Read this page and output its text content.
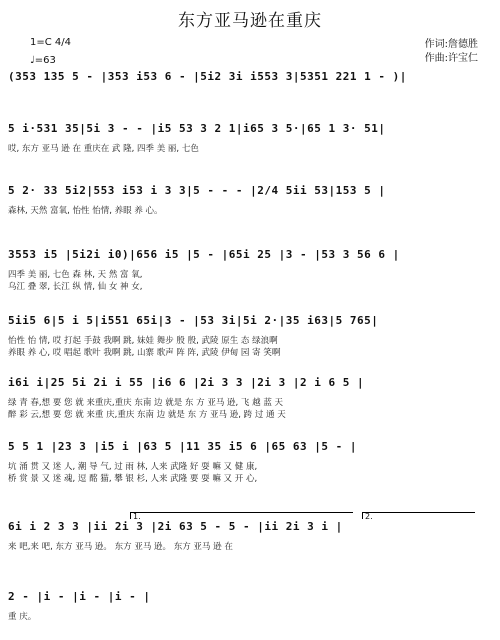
东方亚马逊在重庆
1=C 4/4
♩=63
作词:詹德胜
作曲:许宝仁
(353 135 5 - |353 i53 6 - |5i2 3i i553 3|5351 221 1 - )|
5 i·531 35|5i 3 - - |i5 53 3 2 1|i65 3 5·|65 1 3· 51|
哎, 东方 亚马 逊 在 重庆在 武 隆, 四季 美 丽, 七色
5 2· 33 5i2|553 i53 i 3 3|5 - - - |2/4 5ii 53|153 5 |
森林, 天然 富氧, 怡性 怡情, 养眼 养 心。
3553 i5 |5i2i i0)|656 i5 |5 - |65i 25 |3 - |53 3 56 6 |
四季 美 丽, 七色 森 林, 天 然 富 氧,
乌江 叠 翠, 长江 纵 情, 仙 女 神 女,
5ii5 6|5 i 5|i551 65i|3 - |53 3i|5i 2·|35 i63|5 765|
怡性 怡 情, 哎 打起 手鼓 我啊 跳, 妹娃 舞步 殷 殷, 武陵 原生 态 绿浪啊
养眼 养 心, 哎 唱起 歌叶 我啊 跳, 山寨 歌声 阵 阵, 武陵 伊甸 园 寄 笑啊
i6i i|25 5i 2i i 55 |i6 6 |2i 3 3 |2i 3 |2 i 6 5 |
绿 青 春,想 要 您 就 来重庆,重庆 东南 边 就是 东 方 亚马 逊, 飞 越 蓝 天
醉 彩 云,想 要 您 就 来重 庆,重庆 东南 边 就是 东 方 亚马 逊, 跨 过 通 天
5 5 1 |23 3 |i5 i |63 5 |11 35 i5 6 |65 63 |5 - |
坑 涌 贯 又 迷 人, 潮 导 气, 过 雨 林, 人来 武隆 好 耍 嘛 又 健 康,
桥 赏 景 又 迷 魂, 逗 酩 猫, 攀 银 杉, 人来 武隆 要 耍 嘛 又 开 心,
6i i 2 3 3 |ii 2i 3 |2i 63 5 - 5 - |ii 2i 3 i |
来 吧,来 吧, 东方 亚马 逊。 东方 亚马 逊。 东方 亚马 逊 在
2 - |i - |i - |i - |
重 庆。
1.	2.
